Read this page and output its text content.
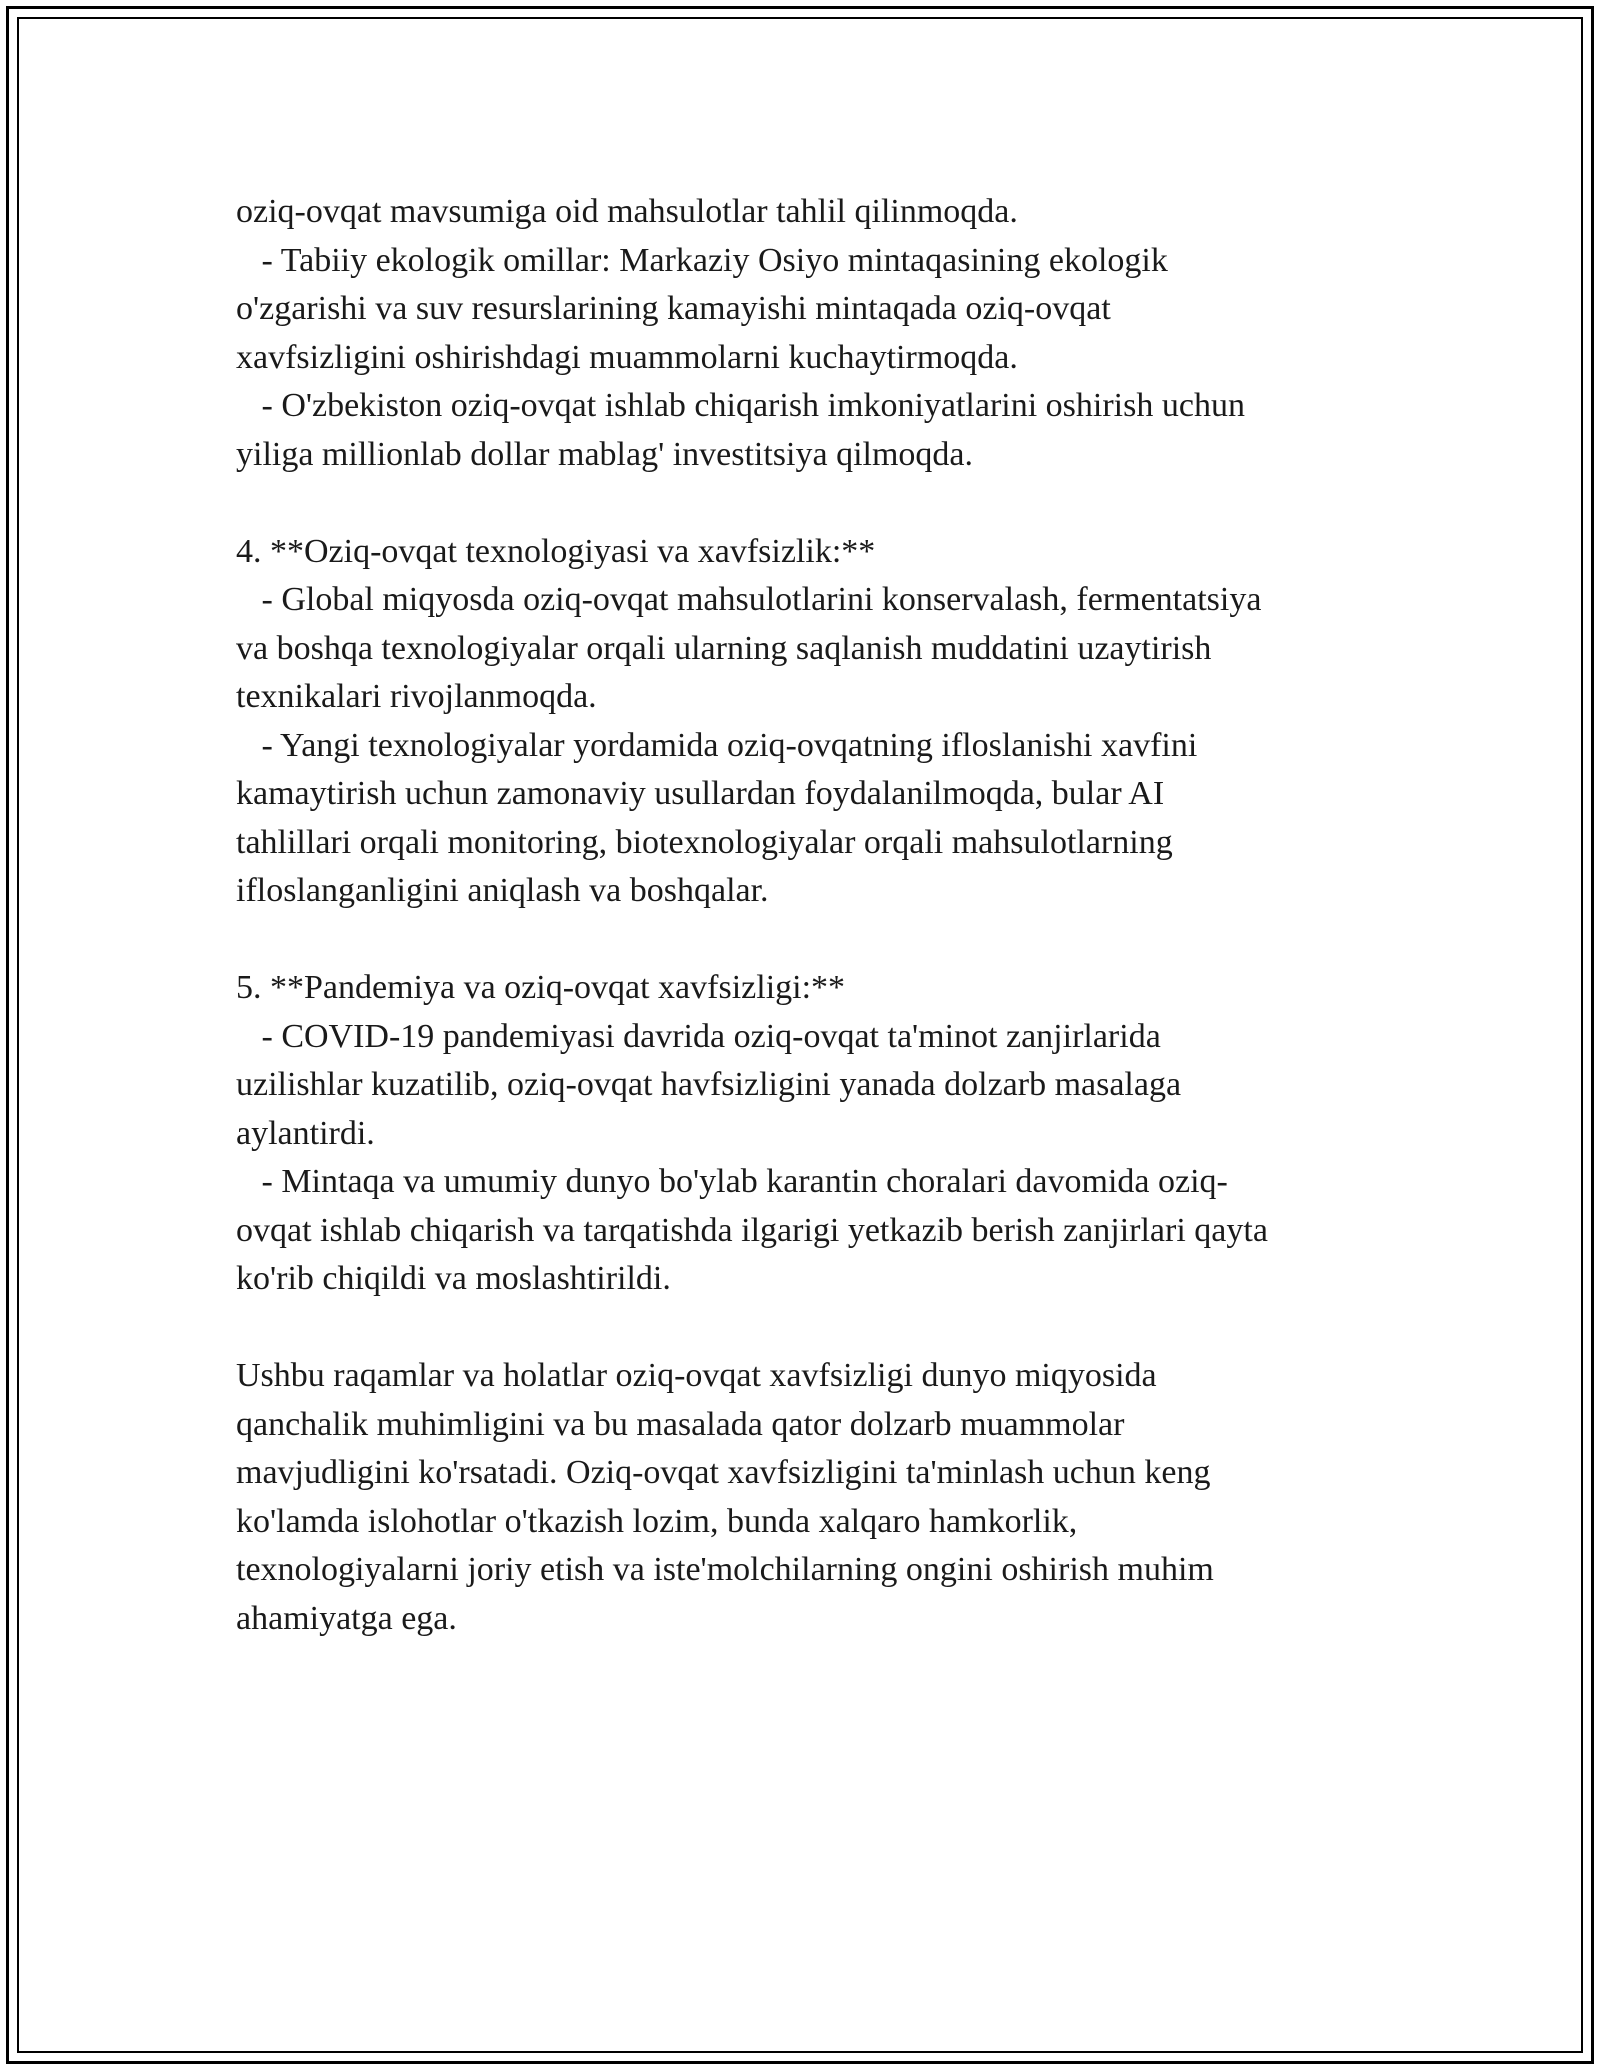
oziq-ovqat mavsumiga oid mahsulotlar tahlil qilinmoqda.
- Tabiiy ekologik omillar: Markaziy Osiyo mintaqasining ekologik
o'zgarishi va suv resurslarining kamayishi mintaqada oziq-ovqat
xavfsizligini oshirishdagi muammolarni kuchaytirmoqda.
- O'zbekiston oziq-ovqat ishlab chiqarish imkoniyatlarini oshirish uchun
yiliga millionlab dollar mablag' investitsiya qilmoqda.
4. **Oziq-ovqat texnologiyasi va xavfsizlik:**
- Global miqyosda oziq-ovqat mahsulotlarini konservalash, fermentatsiya
va boshqa texnologiyalar orqali ularning saqlanish muddatini uzaytirish
texnikalari rivojlanmoqda.
- Yangi texnologiyalar yordamida oziq-ovqatning ifloslanishi xavfini
kamaytirish uchun zamonaviy usullardan foydalanilmoqda, bular AI
tahlillari orqali monitoring, biotexnologiyalar orqali mahsulotlarning
ifloslanganligini aniqlash va boshqalar.
5. **Pandemiya va oziq-ovqat xavfsizligi:**
- COVID-19 pandemiyasi davrida oziq-ovqat ta'minot zanjirlarida
uzilishlar kuzatilib, oziq-ovqat havfsizligini yanada dolzarb masalaga
aylantirdi.
- Mintaqa va umumiy dunyo bo'ylab karantin choralari davomida oziq-
ovqat ishlab chiqarish va tarqatishda ilgarigi yetkazib berish zanjirlari qayta
ko'rib chiqildi va moslashtirildi.
Ushbu raqamlar va holatlar oziq-ovqat xavfsizligi dunyo miqyosida
qanchalik muhimligini va bu masalada qator dolzarb muammolar
mavjudligini ko'rsatadi. Oziq-ovqat xavfsizligini ta'minlash uchun keng
ko'lamda islohotlar o'tkazish lozim, bunda xalqaro hamkorlik,
texnologiyalarni joriy etish va iste'molchilarning ongini oshirish muhim
ahamiyatga ega.
